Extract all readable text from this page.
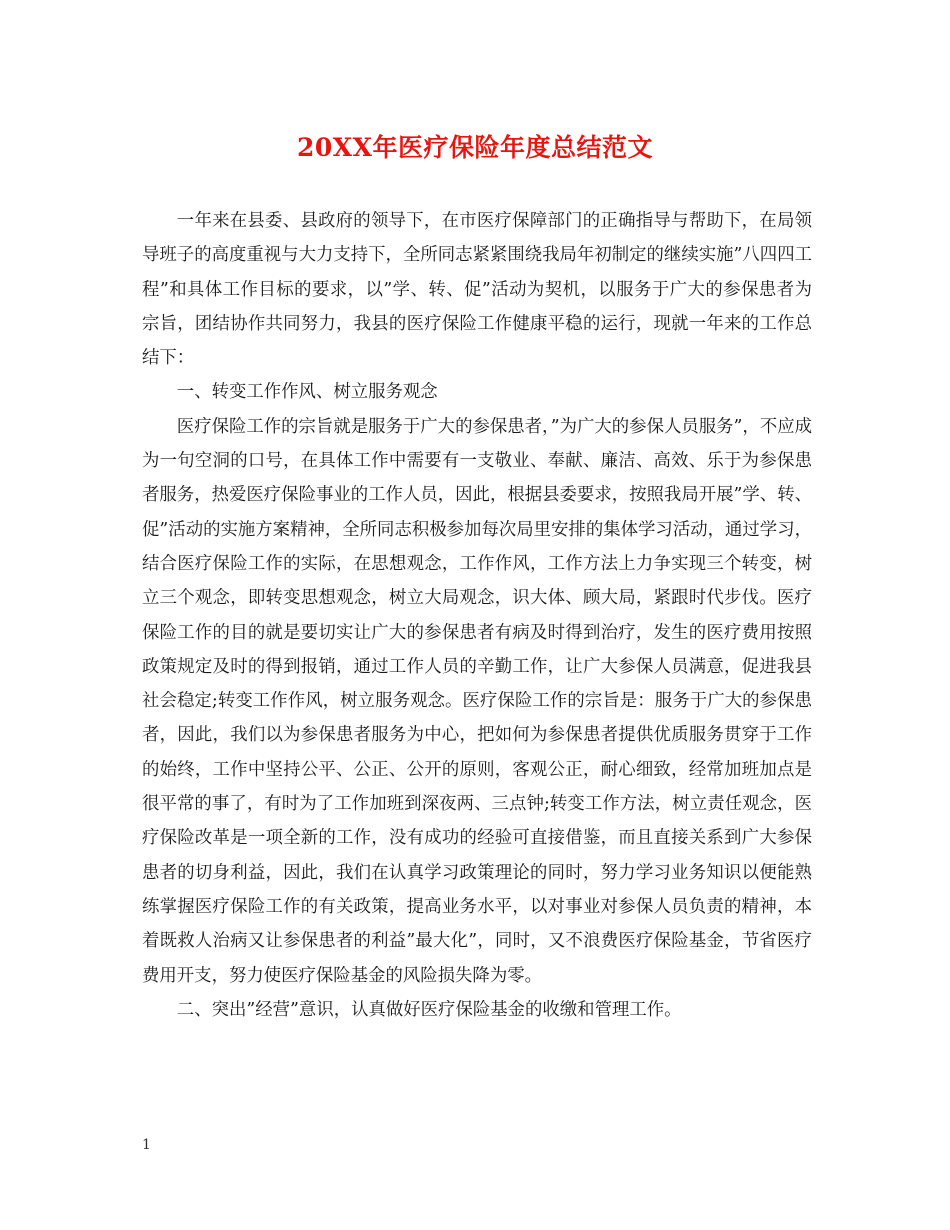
20XX年医疗保险年度总结范文

一年来在县委、县政府的领导下，在市医疗保障部门的正确指导与帮助下，在局领导班子的高度重视与大力支持下，全所同志紧紧围绕我局年初制定的继续实施”八四四工程”和具体工作目标的要求，以”学、转、促”活动为契机，以服务于广大的参保患者为宗旨，团结协作共同努力，我县的医疗保险工作健康平稳的运行，现就一年来的工作总结下：

一、转变工作作风、树立服务观念

医疗保险工作的宗旨就是服务于广大的参保患者，”为广大的参保人员服务”，不应成为一句空洞的口号，在具体工作中需要有一支敬业、奉献、廉洁、高效、乐于为参保患者服务，热爱医疗保险事业的工作人员，因此，根据县委要求，按照我局开展”学、转、促”活动的实施方案精神，全所同志积极参加每次局里安排的集体学习活动，通过学习，结合医疗保险工作的实际，在思想观念，工作作风，工作方法上力争实现三个转变，树立三个观念，即转变思想观念，树立大局观念，识大体、顾大局，紧跟时代步伐。医疗保险工作的目的就是要切实让广大的参保患者有病及时得到治疗，发生的医疗费用按照政策规定及时的得到报销，通过工作人员的辛勤工作，让广大参保人员满意，促进我县社会稳定;转变工作作风，树立服务观念。医疗保险工作的宗旨是：服务于广大的参保患者，因此，我们以为参保患者服务为中心，把如何为参保患者提供优质服务贯穿于工作的始终，工作中坚持公平、公正、公开的原则，客观公正，耐心细致，经常加班加点是很平常的事了，有时为了工作加班到深夜两、三点钟;转变工作方法，树立责任观念，医疗保险改革是一项全新的工作，没有成功的经验可直接借鉴，而且直接关系到广大参保患者的切身利益，因此，我们在认真学习政策理论的同时，努力学习业务知识以便能熟练掌握医疗保险工作的有关政策，提高业务水平，以对事业对参保人员负责的精神，本着既救人治病又让参保患者的利益”最大化”，同时，又不浪费医疗保险基金，节省医疗费用开支，努力使医疗保险基金的风险损失降为零。

二、突出”经营”意识，认真做好医疗保险基金的收缴和管理工作。

1
